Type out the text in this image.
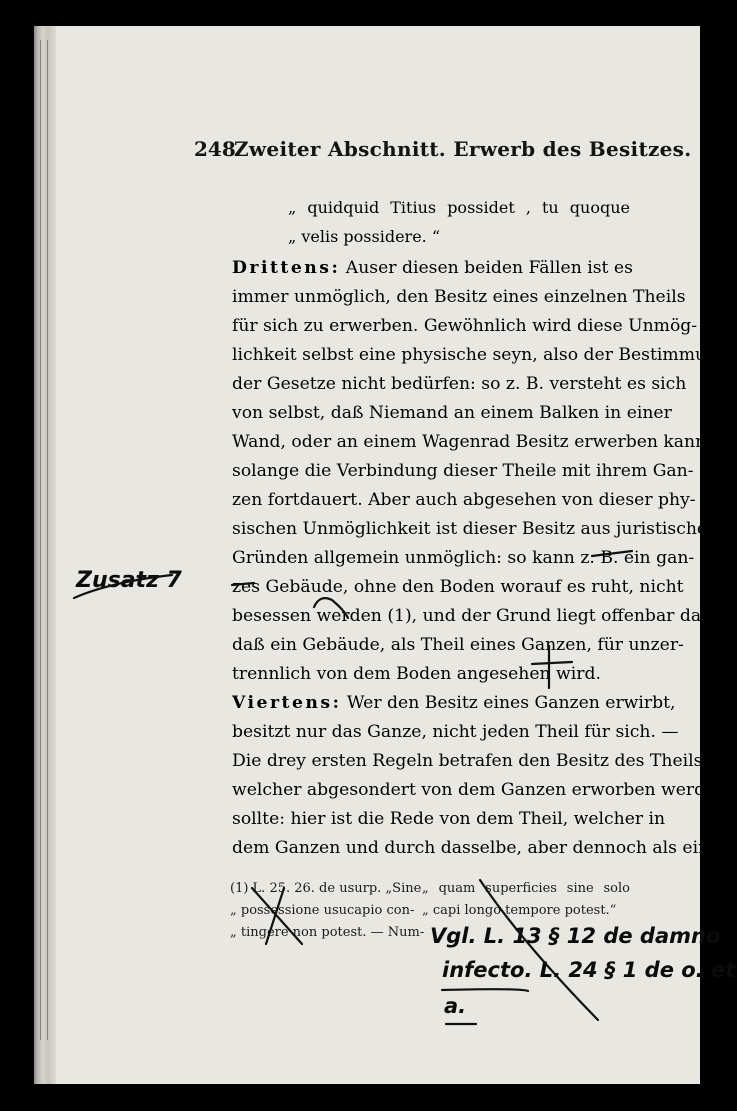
248
Zweiter Abschnitt. Erwerb des Besitzes.
„ quidquid Titius possidet , tu quoque
„ velis possidere. “
Drittens: Auser diesen beiden Fällen ist es
immer unmöglich, den Besitz eines einzelnen Theils
für sich zu erwerben. Gewöhnlich wird diese Unmög-
lichkeit selbst eine physische seyn, also der Bestimmung
der Gesetze nicht bedürfen: so z. B. versteht es sich
von selbst, daß Niemand an einem Balken in einer
Wand, oder an einem Wagenrad Besitz erwerben kann,
solange die Verbindung dieser Theile mit ihrem Gan-
zen fortdauert. Aber auch abgesehen von dieser phy-
sischen Unmöglichkeit ist dieser Besitz aus juristischen
Gründen allgemein unmöglich: so kann z. B. ein gan-
zes Gebäude, ohne den Boden worauf es ruht, nicht
besessen werden (1), und der Grund liegt offenbar darin,
daß ein Gebäude, als Theil eines Ganzen, für unzer-
trennlich von dem Boden angesehen wird.
Viertens: Wer den Besitz eines Ganzen erwirbt,
besitzt nur das Ganze, nicht jeden Theil für sich. —
Die drey ersten Regeln betrafen den Besitz des Theils,
welcher abgesondert von dem Ganzen erworben werden
sollte: hier ist die Rede von dem Theil, welcher in
dem Ganzen und durch dasselbe, aber dennoch als eine
(1) L. 25. 26. de usurp. „Sine
„ possessione usucapio con-
„ tingere non potest. — Num-
„ quam superficies sine solo
„ capi longo tempore potest.“
Zusatz 7
Vgl. L. 13 § 12 de damno
infecto. L. 24 § 1 de o. et
a.
